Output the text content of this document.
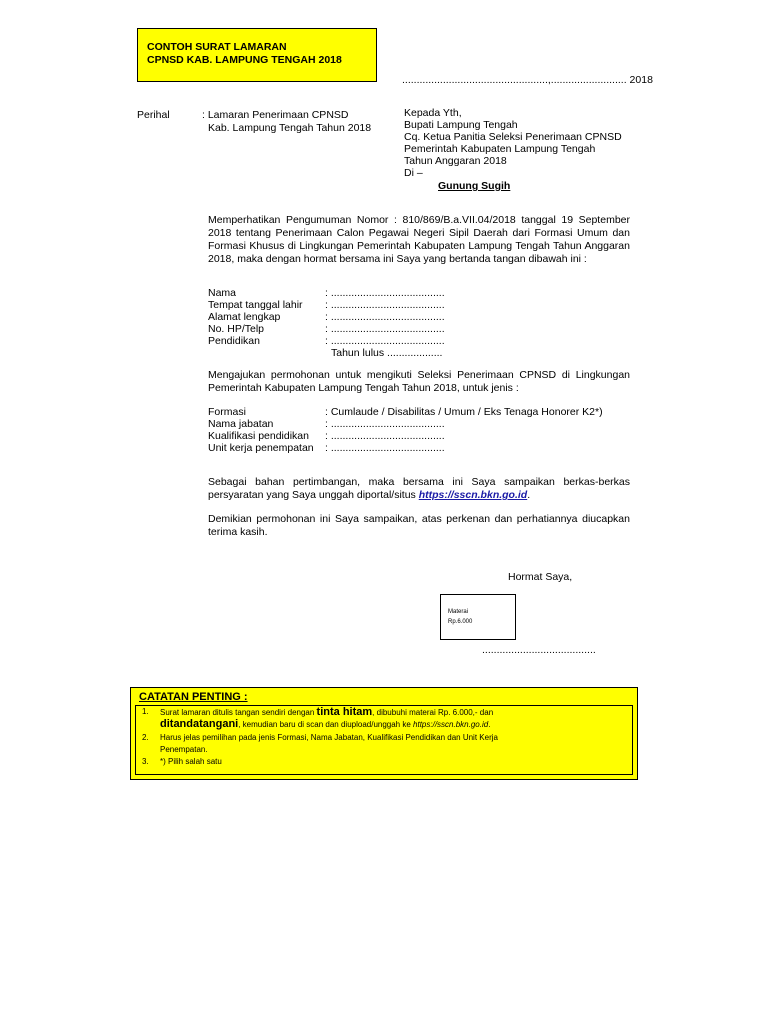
CONTOH SURAT LAMARAN
CPNSD KAB. LAMPUNG TENGAH 2018
..................................................,.......................... 2018
Perihal	: Lamaran Penerimaan CPNSD
Kab. Lampung Tengah Tahun 2018
Kepada Yth,
Bupati Lampung Tengah
Cq. Ketua Panitia Seleksi Penerimaan CPNSD
Pemerintah Kabupaten Lampung Tengah
Tahun Anggaran 2018
Di –
Gunung Sugih
Memperhatikan Pengumuman Nomor : 810/869/B.a.VII.04/2018 tanggal 19 September 2018 tentang Penerimaan Calon Pegawai Negeri Sipil Daerah dari Formasi Umum dan Formasi Khusus di Lingkungan Pemerintah Kabupaten Lampung Tengah Tahun Anggaran 2018, maka dengan hormat bersama ini Saya yang bertanda tangan dibawah ini :
Nama	: .......................................
Tempat tanggal lahir : .......................................
Alamat lengkap	: .......................................
No. HP/Telp	: .......................................
Pendidikan	: .......................................
Tahun lulus ...................
Mengajukan permohonan untuk mengikuti Seleksi Penerimaan CPNSD di Lingkungan Pemerintah Kabupaten Lampung Tengah Tahun 2018, untuk jenis :
Formasi	: Cumlaude / Disabilitas / Umum / Eks Tenaga Honorer K2*)
Nama jabatan	: .......................................
Kualifikasi pendidikan : .......................................
Unit kerja penempatan : .......................................
Sebagai bahan pertimbangan, maka bersama ini Saya sampaikan berkas-berkas persyaratan yang Saya unggah diportal/situs https://sscn.bkn.go.id.
Demikian permohonan ini Saya sampaikan, atas perkenan dan perhatiannya diucapkan terima kasih.
Hormat Saya,
Materai
Rp.6.000
.......................................
CATATAN PENTING :
1. Surat lamaran ditulis tangan sendiri dengan tinta hitam, dibubuhi materai Rp. 6.000,- dan
ditandatangani, kemudian baru di scan dan diupload/unggah ke https://sscn.bkn.go.id.
2. Harus jelas pemilihan pada jenis Formasi, Nama Jabatan, Kualifikasi Pendidikan dan Unit Kerja
Penempatan.
3. *) Pilih salah satu
